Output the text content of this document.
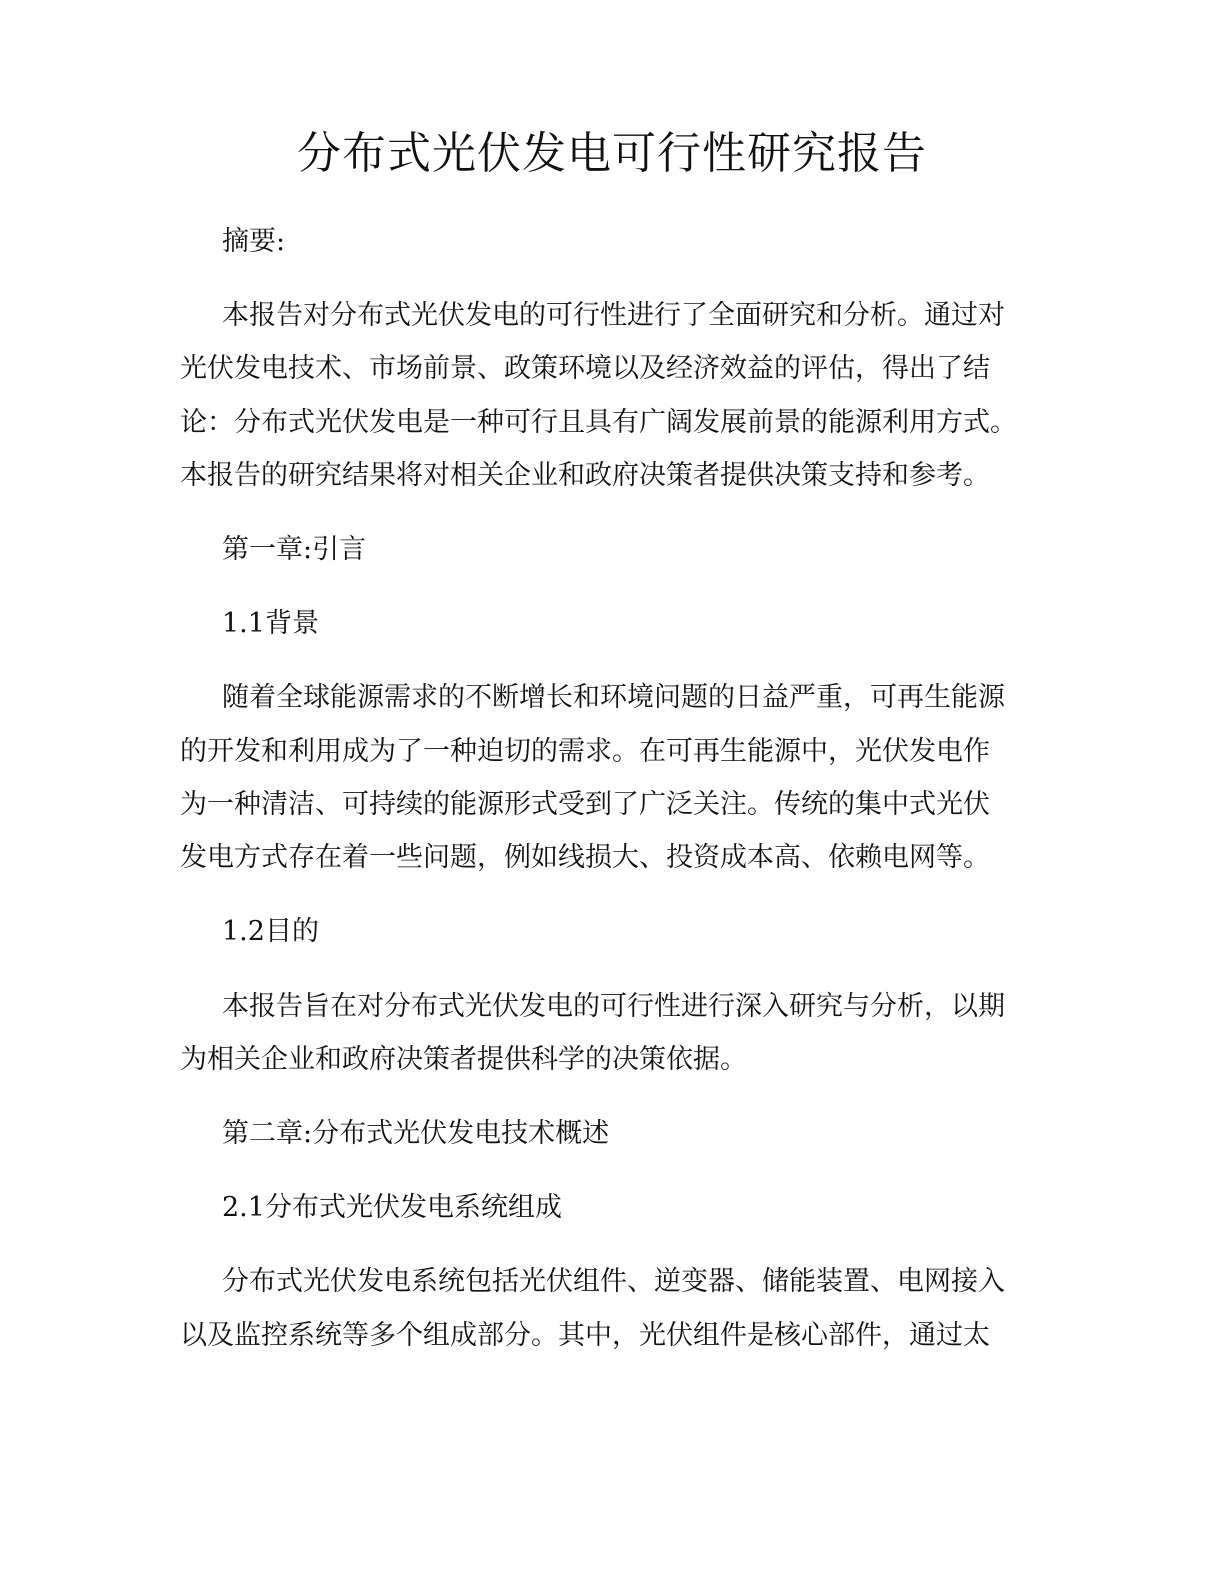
分布式光伏发电可行性研究报告

摘要:

本报告对分布式光伏发电的可行性进行了全面研究和分析。通过对

光伏发电技术、市场前景、政策环境以及经济效益的评估，得出了结

论：分布式光伏发电是一种可行且具有广阔发展前景的能源利用方式。

本报告的研究结果将对相关企业和政府决策者提供决策支持和参考。

第一章:引言

1.1背景

随着全球能源需求的不断增长和环境问题的日益严重，可再生能源

的开发和利用成为了一种迫切的需求。在可再生能源中，光伏发电作

为一种清洁、可持续的能源形式受到了广泛关注。传统的集中式光伏

发电方式存在着一些问题，例如线损大、投资成本高、依赖电网等。

1.2目的

本报告旨在对分布式光伏发电的可行性进行深入研究与分析，以期

为相关企业和政府决策者提供科学的决策依据。

第二章:分布式光伏发电技术概述

2.1分布式光伏发电系统组成

分布式光伏发电系统包括光伏组件、逆变器、储能装置、电网接入

以及监控系统等多个组成部分。其中，光伏组件是核心部件，通过太
